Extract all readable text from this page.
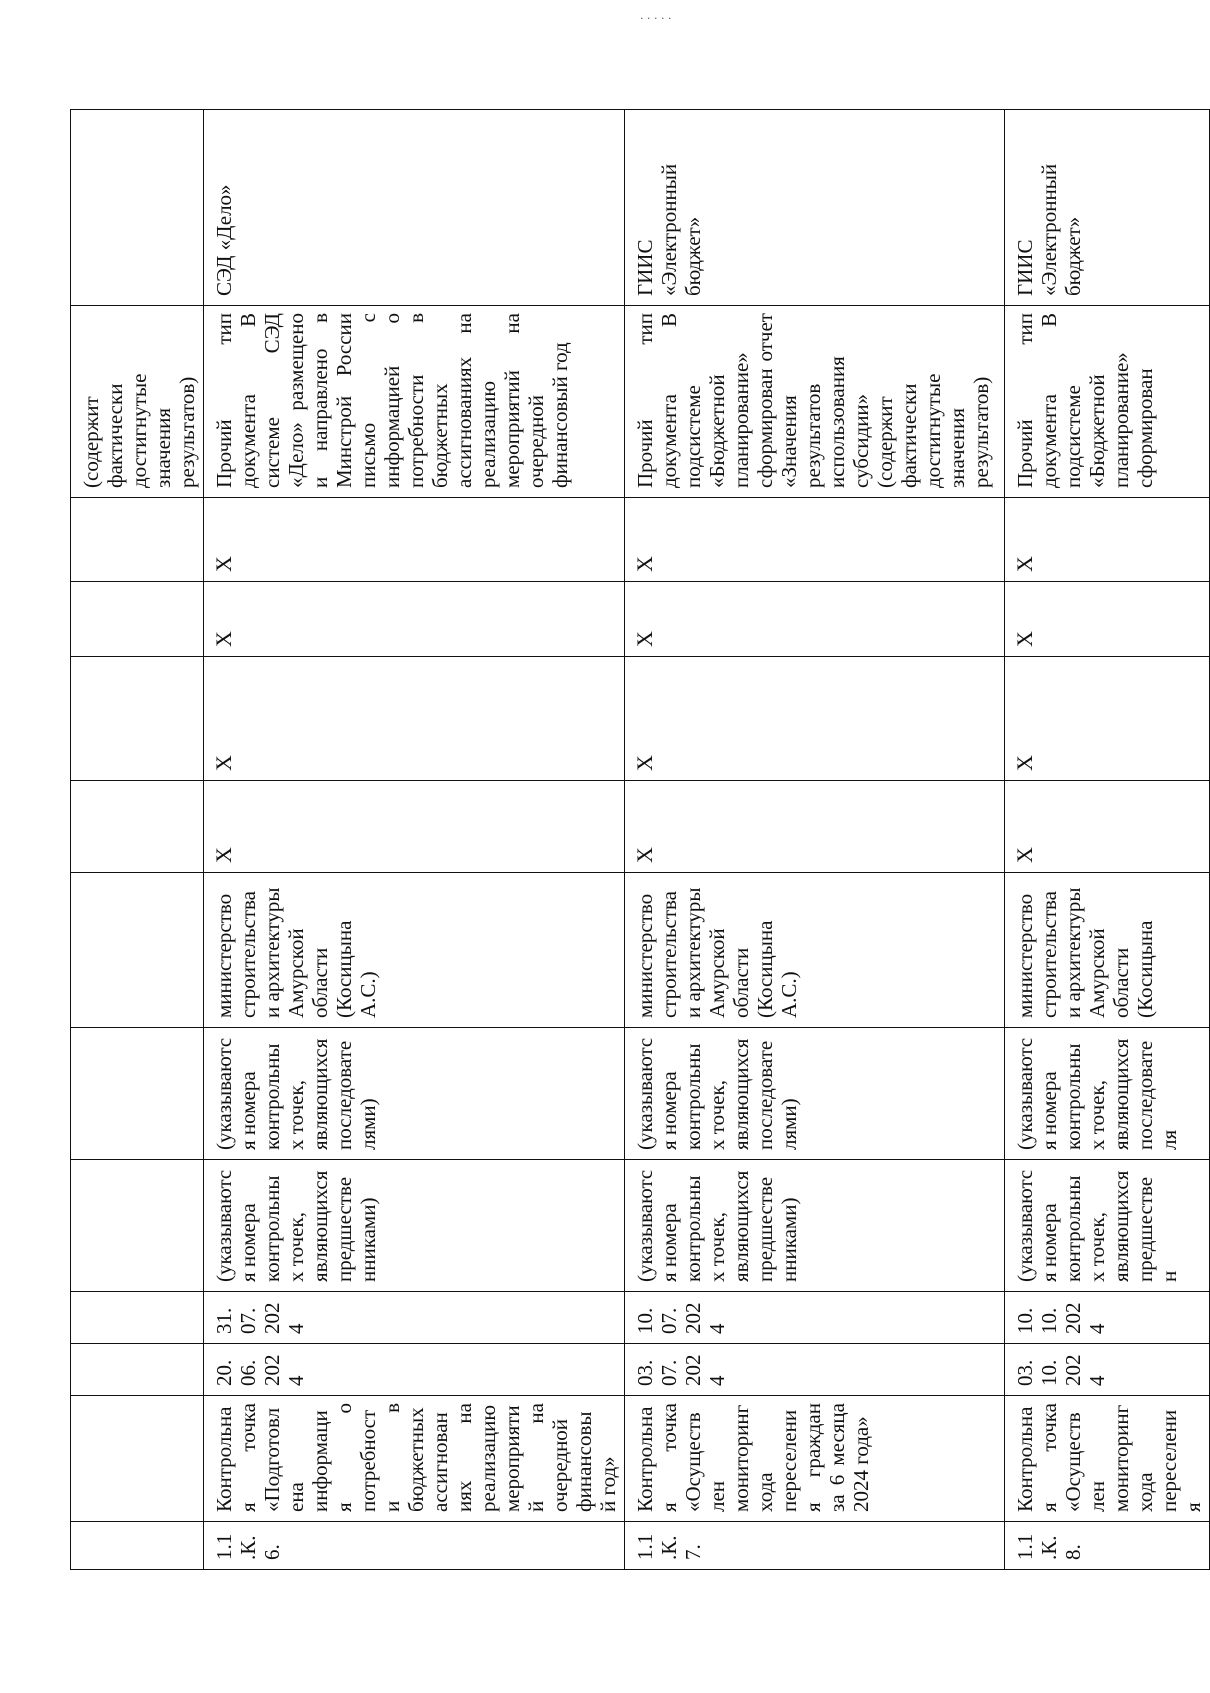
· · · · ·
											(содержит фактически достигнутые значения результатов)	
1.1.К.6.	Контрольная точка «Подготовлена информация о потребности в бюджетных ассигнованиях на реализацию мероприятий на очередной финансовый год»	20.06.2024	31.07.2024	(указываются номера контрольных точек, являющихся предшественниками)	(указываются номера контрольных точек, являющихся последователями)	министерство строительства и архитектуры Амурской области (Косицына А.С.)	X	X	X	X	Прочий тип документа В системе СЭД «Дело» размещено и направлено в Минстрой России письмо с информацией о потребности в бюджетных ассигнованиях на реализацию мероприятий на очередной финансовый год	СЭД «Дело»
1.1.К.7.	Контрольная точка «Осуществлен мониторинг хода переселения граждан за 6 месяца 2024 года»	03.07.2024	10.07.2024	(указываются номера контрольных точек, являющихся предшественниками)	(указываются номера контрольных точек, являющихся последователями)	министерство строительства и архитектуры Амурской области (Косицына А.С.)	X	X	X	X	Прочий тип документа В подсистеме «Бюджетной планирование» сформирован отчет «Значения результатов использования субсидии» (содержит фактически достигнутые значения результатов)	ГИИС «Электронный бюджет»
1.1.К.8.	Контрольная точка «Осуществлен мониторинг хода переселения	03.10.2024	10.10.2024	(указываются номера контрольных точек, являющихся предшествен	(указываются номера контрольных точек, являющихся последователя	министерство строительства и архитектуры Амурской области (Косицына	X	X	X	X	Прочий тип документа В подсистеме «Бюджетной планирование» сформирован	ГИИС «Электронный бюджет»
